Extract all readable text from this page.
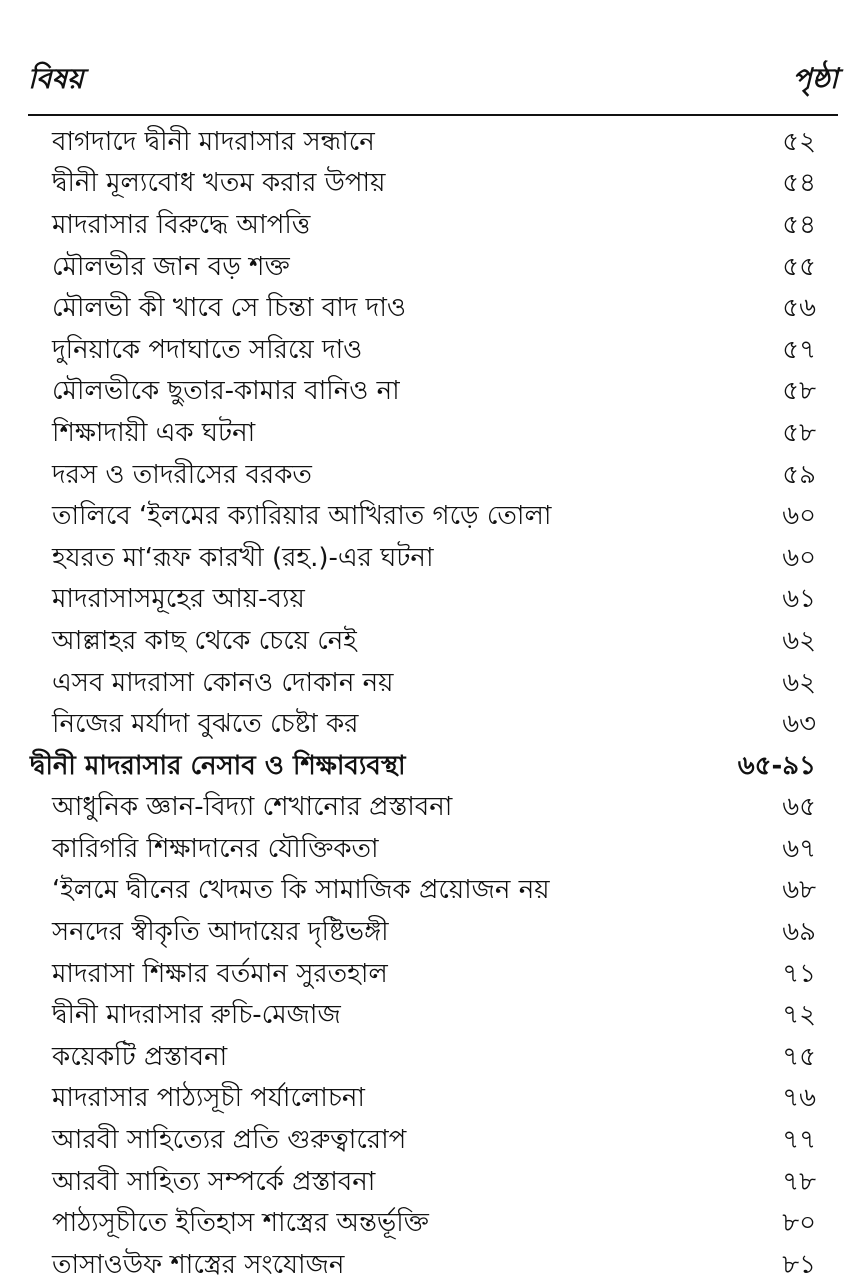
বিষয়	পৃষ্ঠা
বাগদাদে দ্বীনী মাদরাসার সন্ধানে	৫২
দ্বীনী মূল্যবোধ খতম করার উপায়	৫৪
মাদরাসার বিরুদ্ধে আপত্তি	৫৪
মৌলভীর জান বড় শক্ত	৫৫
মৌলভী কী খাবে সে চিন্তা বাদ দাও	৫৬
দুনিয়াকে পদাঘাতে সরিয়ে দাও	৫৭
মৌলভীকে ছুতার-কামার বানিও না	৫৮
শিক্ষাদায়ী এক ঘটনা	৫৮
দরস ও তাদরীসের বরকত	৫৯
তালিবে ‘ইলমের ক্যারিয়ার আখিরাত গড়ে তোলা	৬০
হযরত মা‘রূফ কারখী (রহ.)-এর ঘটনা	৬০
মাদরাসাসমূহের আয়-ব্যয়	৬১
আল্লাহর কাছ থেকে চেয়ে নেই	৬২
এসব মাদরাসা কোনও দোকান নয়	৬২
নিজের মর্যাদা বুঝতে চেষ্টা কর	৬৩
দ্বীনী মাদরাসার নেসাব ও শিক্ষাব্যবস্থা	৬৫-৯১
আধুনিক জ্ঞান-বিদ্যা শেখানোর প্রস্তাবনা	৬৫
কারিগরি শিক্ষাদানের যৌক্তিকতা	৬৭
‘ইলমে দ্বীনের খেদমত কি সামাজিক প্রয়োজন নয়	৬৮
সনদের স্বীকৃতি আদায়ের দৃষ্টিভঙ্গী	৬৯
মাদরাসা শিক্ষার বর্তমান সুরতহাল	৭১
দ্বীনী মাদরাসার রুচি-মেজাজ	৭২
কয়েকটি প্রস্তাবনা	৭৫
মাদরাসার পাঠ্যসূচী পর্যালোচনা	৭৬
আরবী সাহিত্যের প্রতি গুরুত্বারোপ	৭৭
আরবী সাহিত্য সম্পর্কে প্রস্তাবনা	৭৮
পাঠ্যসূচীতে ইতিহাস শাস্ত্রের অন্তর্ভূক্তি	৮০
তাসাওউফ শাস্ত্রের সংযোজন	৮১
